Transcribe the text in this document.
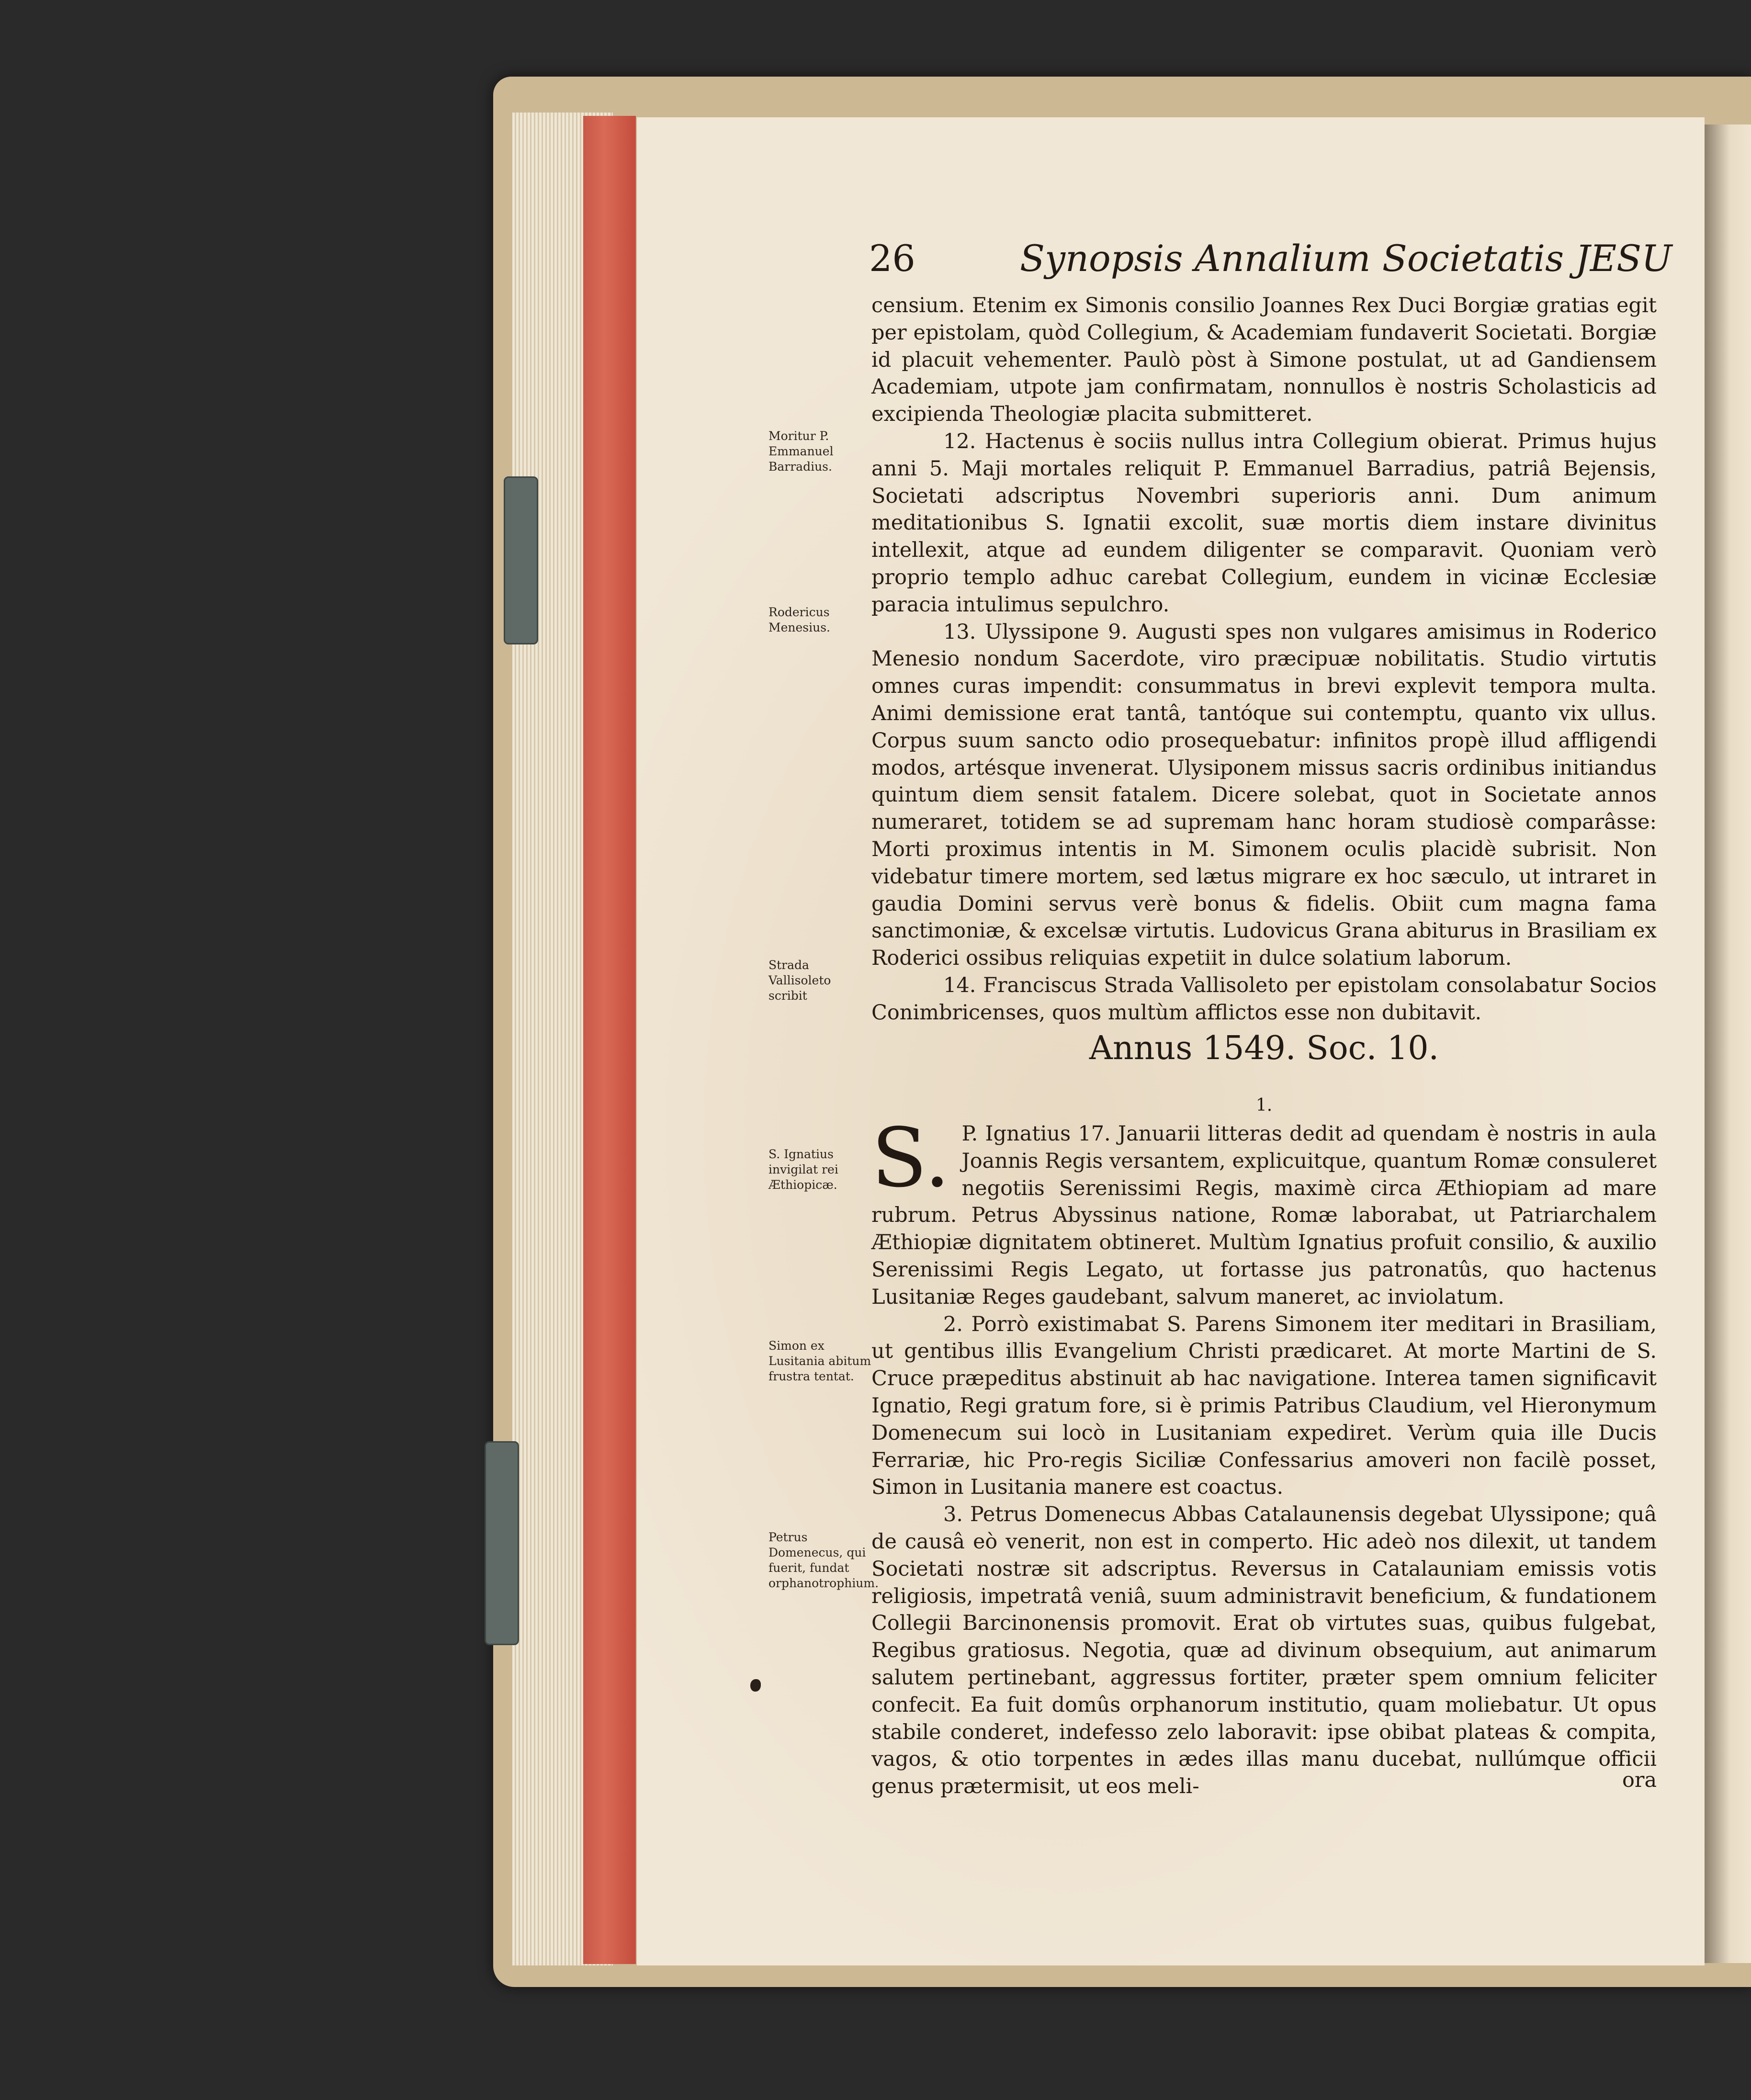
26	Synopsis Annalium Societatis JESU

censium. Etenim ex Simonis consilio Joannes Rex Duci Borgiæ gratias egit per epistolam, quòd Collegium, & Academiam fundaverit Societati. Borgiæ id placuit vehementer. Paulò pòst à Simone postulat, ut ad Gandiensem Academiam, utpote jam confirmatam, nonnullos è nostris Scholasticis ad excipienda Theologiæ placita submitteret.

12. Hactenus è sociis nullus intra Collegium obierat. Primus hujus anni 5. Maji mortales reliquit P. Emmanuel Barradius, patriâ Bejensis, Societati adscriptus Novembri superioris anni. Dum animum meditationibus S. Ignatii excolit, suæ mortis diem instare divinitus intellexit, atque ad eundem diligenter se comparavit. Quoniam verò proprio templo adhuc carebat Collegium, eundem in vicinæ Ecclesiæ paracia intulimus sepulchro.

13. Ulyssipone 9. Augusti spes non vulgares amisimus in Roderico Menesio nondum Sacerdote, viro præcipuæ nobilitatis. Studio virtutis omnes curas impendit: consummatus in brevi explevit tempora multa. Animi demissione erat tantâ, tantóque sui contemptu, quanto vix ullus. Corpus suum sancto odio prosequebatur: infinitos propè illud affligendi modos, artésque invenerat. Ulysiponem missus sacris ordinibus initiandus quintum diem sensit fatalem. Dicere solebat, quot in Societate annos numeraret, totidem se ad supremam hanc horam studiosè comparâsse: Morti proximus intentis in M. Simonem oculis placidè subrisit. Non videbatur timere mortem, sed lætus migrare ex hoc sæculo, ut intraret in gaudia Domini servus verè bonus & fidelis. Obiit cum magna fama sanctimoniæ, & excelsæ virtutis. Ludovicus Grana abiturus in Brasiliam ex Roderici ossibus reliquias expetiit in dulce solatium laborum.

14. Franciscus Strada Vallisoleto per epistolam consolabatur Socios Conimbricenses, quos multùm afflictos esse non dubitavit.

Moritur P. Emmanuel Barradius.
Rodericus Menesius.
Strada Vallisoleto scribit
Annus 1549. Soc. 10.
1.

S. P. Ignatius 17. Januarii litteras dedit ad quendam è nostris in aula Joannis Regis versantem, explicuitque, quantum Romæ consuleret negotiis Serenissimi Regis, maximè circa Æthiopiam ad mare rubrum. Petrus Abyssinus natione, Romæ laborabat, ut Patriarchalem Æthiopiæ dignitatem obtineret. Multùm Ignatius profuit consilio, & auxilio Serenissimi Regis Legato, ut fortasse jus patronatûs, quo hactenus Lusitaniæ Reges gaudebant, salvum maneret, ac inviolatum.

2. Porrò existimabat S. Parens Simonem iter meditari in Brasiliam, ut gentibus illis Evangelium Christi prædicaret. At morte Martini de S. Cruce præpeditus abstinuit ab hac navigatione. Interea tamen significavit Ignatio, Regi gratum fore, si è primis Patribus Claudium, vel Hieronymum Domenecum sui locò in Lusitaniam expediret. Verùm quia ille Ducis Ferrariæ, hic Pro-regis Siciliæ Confessarius amoveri non facilè posset, Simon in Lusitania manere est coactus.

3. Petrus Domenecus Abbas Catalaunensis degebat Ulyssipone; quâ de causâ eò venerit, non est in comperto. Hic adeò nos dilexit, ut tandem Societati nostræ sit adscriptus. Reversus in Catalauniam emissis votis religiosis, impetratâ veniâ, suum administravit beneficium, & fundationem Collegii Barcinonensis promovit. Erat ob virtutes suas, quibus fulgebat, Regibus gratiosus. Negotia, quæ ad divinum obsequium, aut animarum salutem pertinebant, aggressus fortiter, præter spem omnium feliciter confecit. Ea fuit domûs orphanorum institutio, quam moliebatur. Ut opus stabile conderet, indefesso zelo laboravit: ipse obibat plateas & compita, vagos, & otio torpentes in ædes illas manu ducebat, nullúmque officii genus prætermisit, ut eos meli-

S. Ignatius invigilat rei Æthiopicæ.
Simon ex Lusitania abitum frustra tentat.
Petrus Domenecus, qui fuerit, fundat orphanotrophium.
ora
